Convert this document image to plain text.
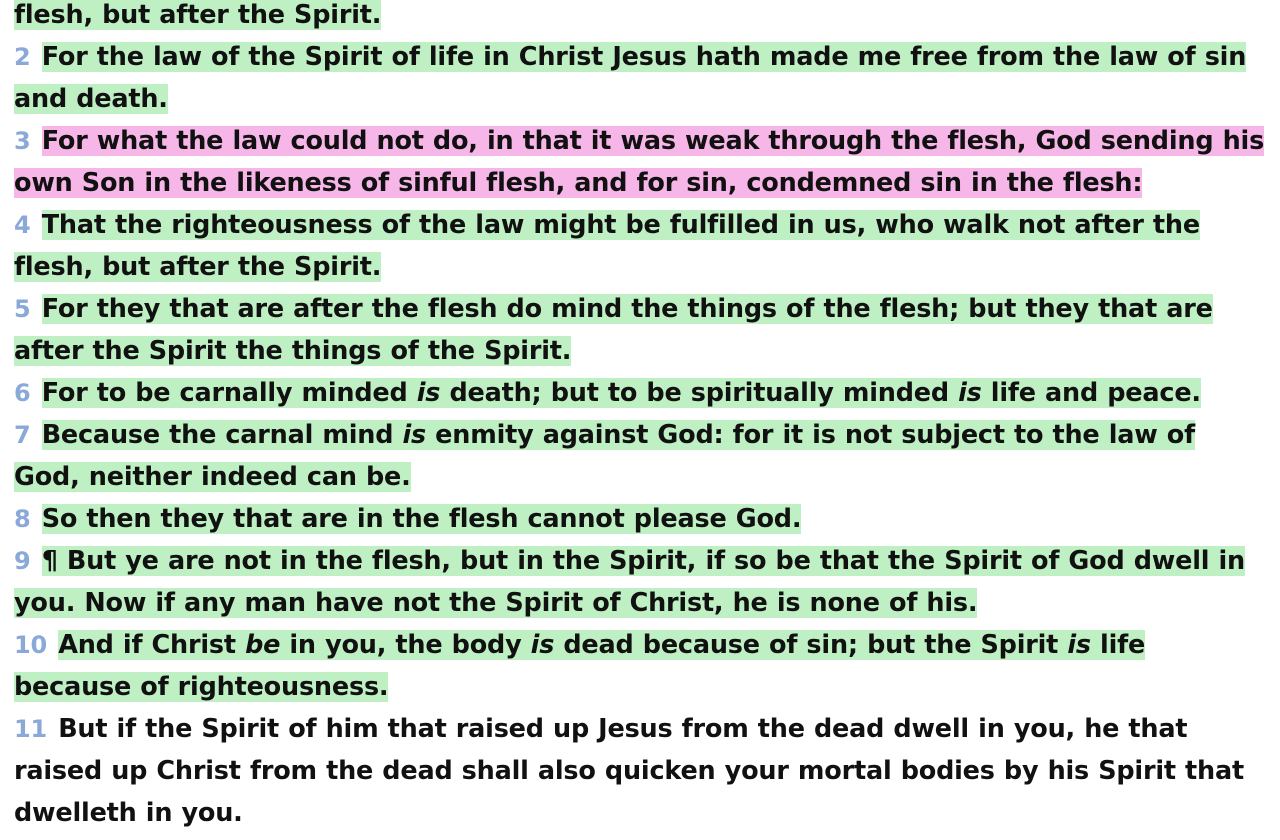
flesh, but after the Spirit.

2 For the law of the Spirit of life in Christ Jesus hath made me free from the law of sin and death.

3 For what the law could not do, in that it was weak through the flesh, God sending his own Son in the likeness of sinful flesh, and for sin, condemned sin in the flesh:

4 That the righteousness of the law might be fulfilled in us, who walk not after the flesh, but after the Spirit.

5 For they that are after the flesh do mind the things of the flesh; but they that are after the Spirit the things of the Spirit.

6 For to be carnally minded is death; but to be spiritually minded is life and peace.

7 Because the carnal mind is enmity against God: for it is not subject to the law of God, neither indeed can be.

8 So then they that are in the flesh cannot please God.

9 ¶ But ye are not in the flesh, but in the Spirit, if so be that the Spirit of God dwell in you. Now if any man have not the Spirit of Christ, he is none of his.

10 And if Christ be in you, the body is dead because of sin; but the Spirit is life because of righteousness.

11 But if the Spirit of him that raised up Jesus from the dead dwell in you, he that raised up Christ from the dead shall also quicken your mortal bodies by his Spirit that dwelleth in you.
